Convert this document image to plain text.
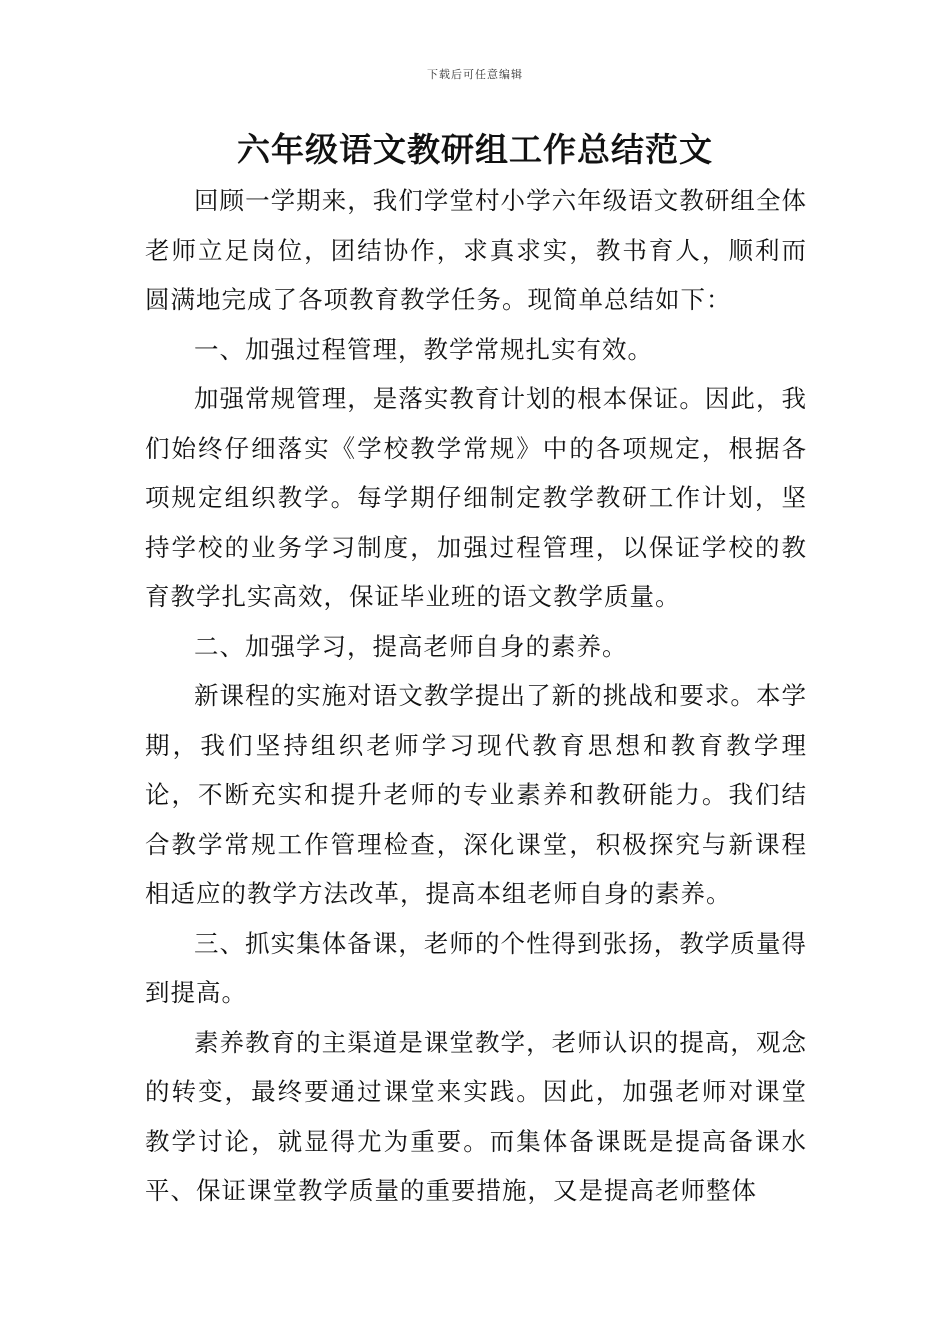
下载后可任意编辑
六年级语文教研组工作总结范文

回顾一学期来，我们学堂村小学六年级语文教研组全体老师立足岗位，团结协作，求真求实，教书育人，顺利而圆满地完成了各项教育教学任务。现简单总结如下：

一、加强过程管理，教学常规扎实有效。

加强常规管理，是落实教育计划的根本保证。因此，我们始终仔细落实《学校教学常规》中的各项规定，根据各项规定组织教学。每学期仔细制定教学教研工作计划，坚持学校的业务学习制度，加强过程管理，以保证学校的教育教学扎实高效，保证毕业班的语文教学质量。

二、加强学习，提高老师自身的素养。

新课程的实施对语文教学提出了新的挑战和要求。本学期，我们坚持组织老师学习现代教育思想和教育教学理论，不断充实和提升老师的专业素养和教研能力。我们结合教学常规工作管理检查，深化课堂，积极探究与新课程相适应的教学方法改革，提高本组老师自身的素养。

三、抓实集体备课，老师的个性得到张扬，教学质量得到提高。

素养教育的主渠道是课堂教学，老师认识的提高，观念的转变，最终要通过课堂来实践。因此，加强老师对课堂教学讨论，就显得尤为重要。而集体备课既是提高备课水平、保证课堂教学质量的重要措施，又是提高老师整体
